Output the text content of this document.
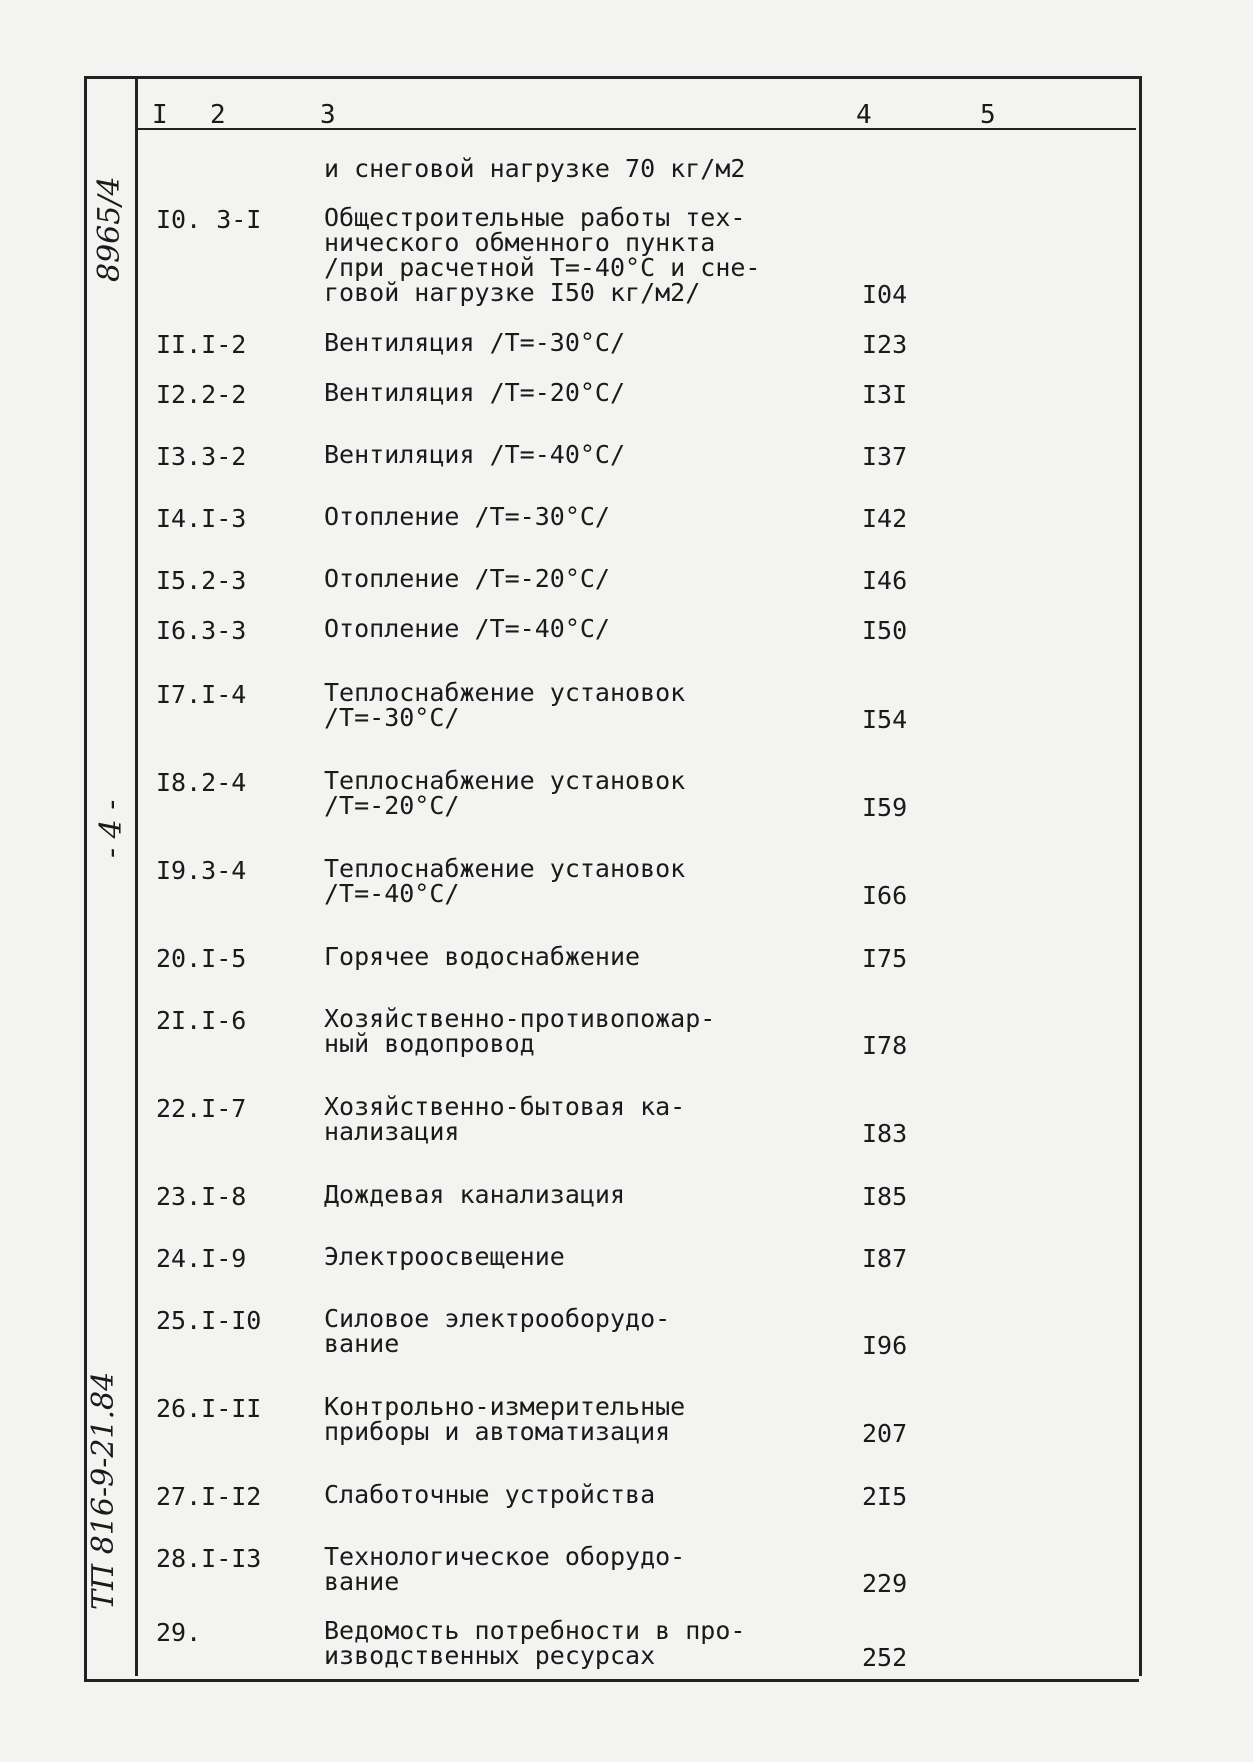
8965/4
- 4 -
ТП 816-9-21.84
I 2	3	4	5
и снеговой нагрузке 70 кг/м2
I0. 3-I	Общестроительные работы тех-
нического обменного пункта
/при расчетной Т=-40°С и сне-
говой нагрузке I50 кг/м2/	I04
II.I-2	Вентиляция /Т=-30°С/	I23
I2.2-2	Вентиляция /Т=-20°С/	I3I
I3.3-2	Вентиляция /Т=-40°С/	I37
I4.I-3	Отопление /Т=-30°С/	I42
I5.2-3	Отопление /Т=-20°С/	I46
I6.3-3	Отопление /Т=-40°С/	I50
I7.I-4	Теплоснабжение установок
/Т=-30°С/	I54
I8.2-4	Теплоснабжение установок
/Т=-20°С/	I59
I9.3-4	Теплоснабжение установок
/Т=-40°С/	I66
20.I-5	Горячее водоснабжение	I75
2I.I-6	Хозяйственно-противопожар-
ный водопровод	I78
22.I-7	Хозяйственно-бытовая ка-
нализация	I83
23.I-8	Дождевая канализация	I85
24.I-9	Электроосвещение	I87
25.I-I0	Силовое электрооборудо-
вание	I96
26.I-II	Контрольно-измерительные
приборы и автоматизация	207
27.I-I2	Слаботочные устройства	2I5
28.I-I3	Технологическое оборудо-
вание	229
29.	Ведомость потребности в про-
изводственных ресурсах	252
